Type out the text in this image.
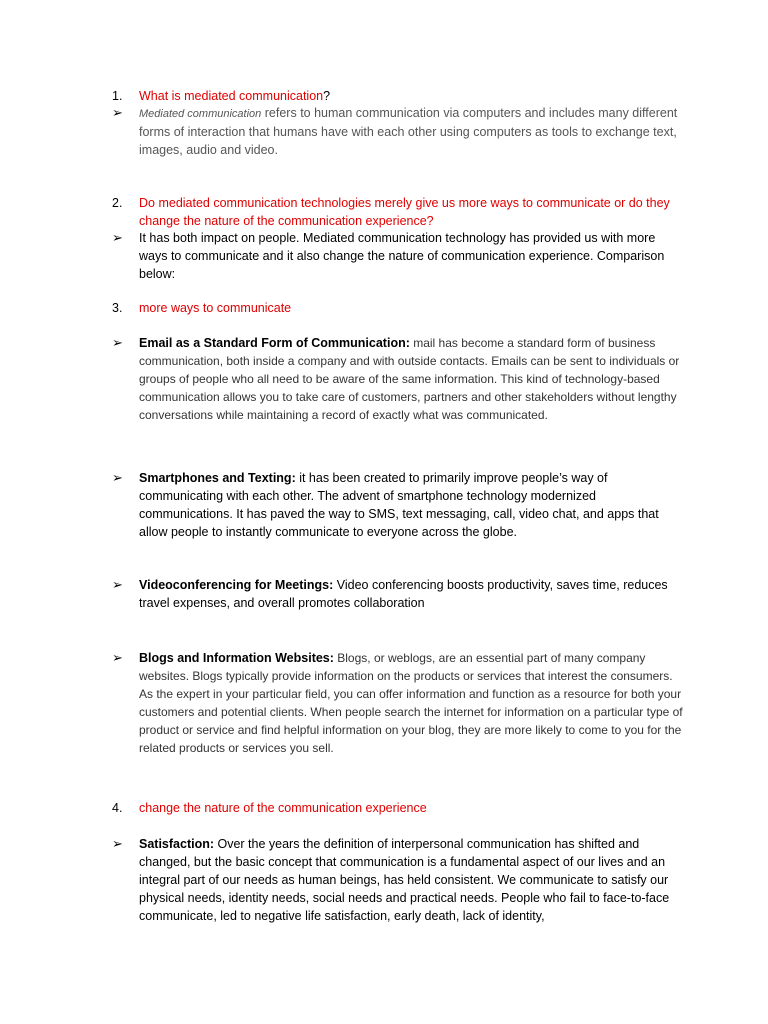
1. What is mediated communication?
➢ Mediated communication refers to human communication via computers and includes many different forms of interaction that humans have with each other using computers as tools to exchange text, images, audio and video.
2. Do mediated communication technologies merely give us more ways to communicate or do they change the nature of the communication experience?
➢ It has both impact on people. Mediated communication technology has provided us with more ways to communicate and it also change the nature of communication experience. Comparison below:
3. more ways to communicate
➢ Email as a Standard Form of Communication: mail has become a standard form of business communication, both inside a company and with outside contacts. Emails can be sent to individuals or groups of people who all need to be aware of the same information. This kind of technology-based communication allows you to take care of customers, partners and other stakeholders without lengthy conversations while maintaining a record of exactly what was communicated.
➢ Smartphones and Texting: it has been created to primarily improve people’s way of communicating with each other. The advent of smartphone technology modernized communications. It has paved the way to SMS, text messaging, call, video chat, and apps that allow people to instantly communicate to everyone across the globe.
➢ Videoconferencing for Meetings: Video conferencing boosts productivity, saves time, reduces travel expenses, and overall promotes collaboration
➢ Blogs and Information Websites: Blogs, or weblogs, are an essential part of many company websites. Blogs typically provide information on the products or services that interest the consumers. As the expert in your particular field, you can offer information and function as a resource for both your customers and potential clients. When people search the internet for information on a particular type of product or service and find helpful information on your blog, they are more likely to come to you for the related products or services you sell.
4. change the nature of the communication experience
➢ Satisfaction: Over the years the definition of interpersonal communication has shifted and changed, but the basic concept that communication is a fundamental aspect of our lives and an integral part of our needs as human beings, has held consistent. We communicate to satisfy our physical needs, identity needs, social needs and practical needs. People who fail to face-to-face communicate, led to negative life satisfaction, early death, lack of identity,
